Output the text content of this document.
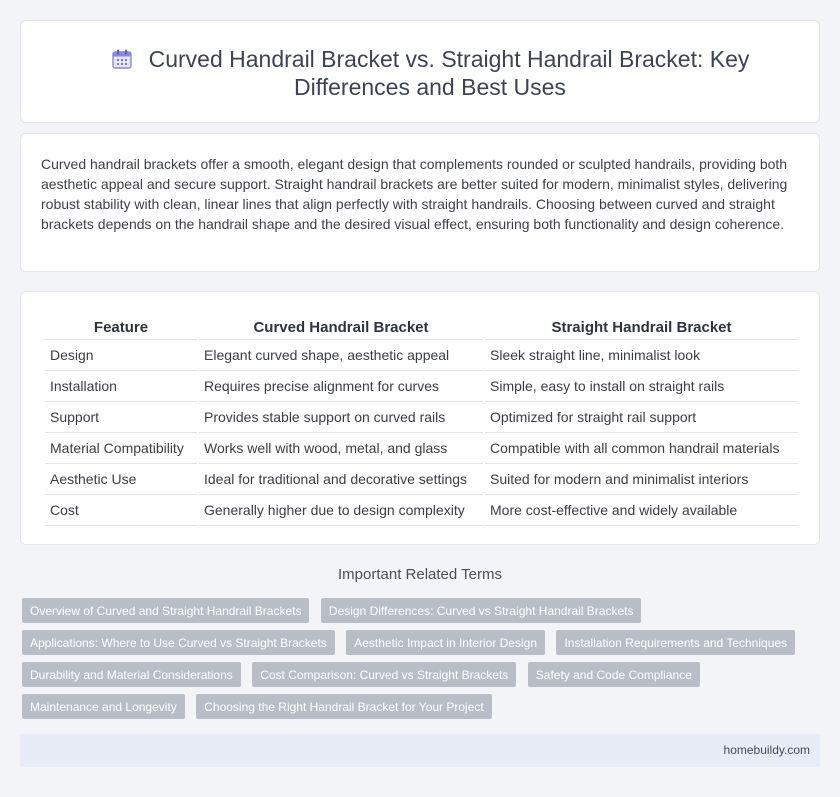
Curved Handrail Bracket vs. Straight Handrail Bracket: Key Differences and Best Uses

Curved handrail brackets offer a smooth, elegant design that complements rounded or sculpted handrails, providing both aesthetic appeal and secure support. Straight handrail brackets are better suited for modern, minimalist styles, delivering robust stability with clean, linear lines that align perfectly with straight handrails. Choosing between curved and straight brackets depends on the handrail shape and the desired visual effect, ensuring both functionality and design coherence.

Feature	Curved Handrail Bracket	Straight Handrail Bracket
Design	Elegant curved shape, aesthetic appeal	Sleek straight line, minimalist look
Installation	Requires precise alignment for curves	Simple, easy to install on straight rails
Support	Provides stable support on curved rails	Optimized for straight rail support
Material Compatibility	Works well with wood, metal, and glass	Compatible with all common handrail materials
Aesthetic Use	Ideal for traditional and decorative settings	Suited for modern and minimalist interiors
Cost	Generally higher due to design complexity	More cost-effective and widely available
Important Related Terms
Overview of Curved and Straight Handrail Brackets Design Differences: Curved vs Straight Handrail Brackets Applications: Where to Use Curved vs Straight Brackets Aesthetic Impact in Interior Design Installation Requirements and Techniques Durability and Material Considerations Cost Comparison: Curved vs Straight Brackets Safety and Code Compliance Maintenance and Longevity Choosing the Right Handrail Bracket for Your Project
homebuildy.com
